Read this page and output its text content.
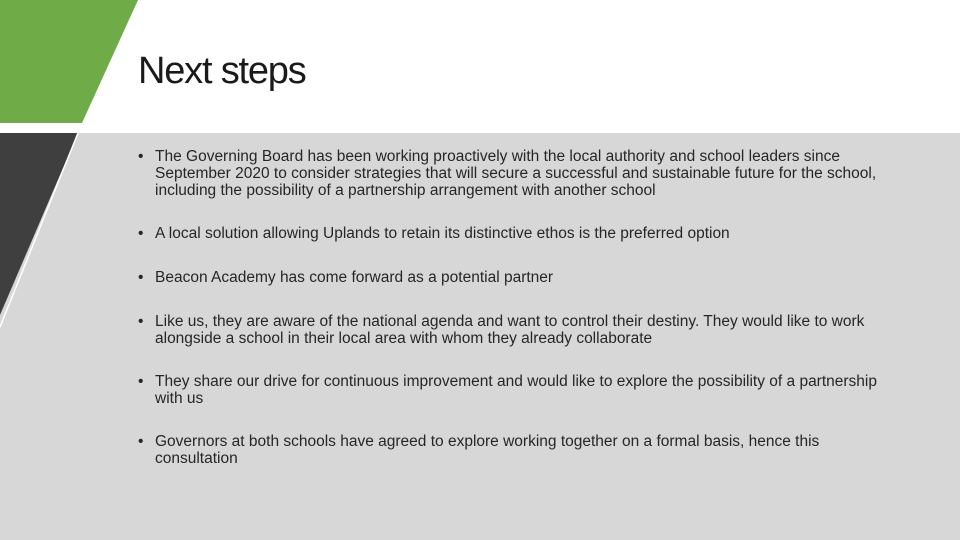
Next steps
• The Governing Board has been working proactively with the local authority and school leaders since September 2020 to consider strategies that will secure a successful and sustainable future for the school, including the possibility of a partnership arrangement with another school
• A local solution allowing Uplands to retain its distinctive ethos is the preferred option
• Beacon Academy has come forward as a potential partner
• Like us, they are aware of the national agenda and want to control their destiny. They would like to work alongside a school in their local area with whom they already collaborate
• They share our drive for continuous improvement and would like to explore the possibility of a partnership with us
• Governors at both schools have agreed to explore working together on a formal basis, hence this consultation
